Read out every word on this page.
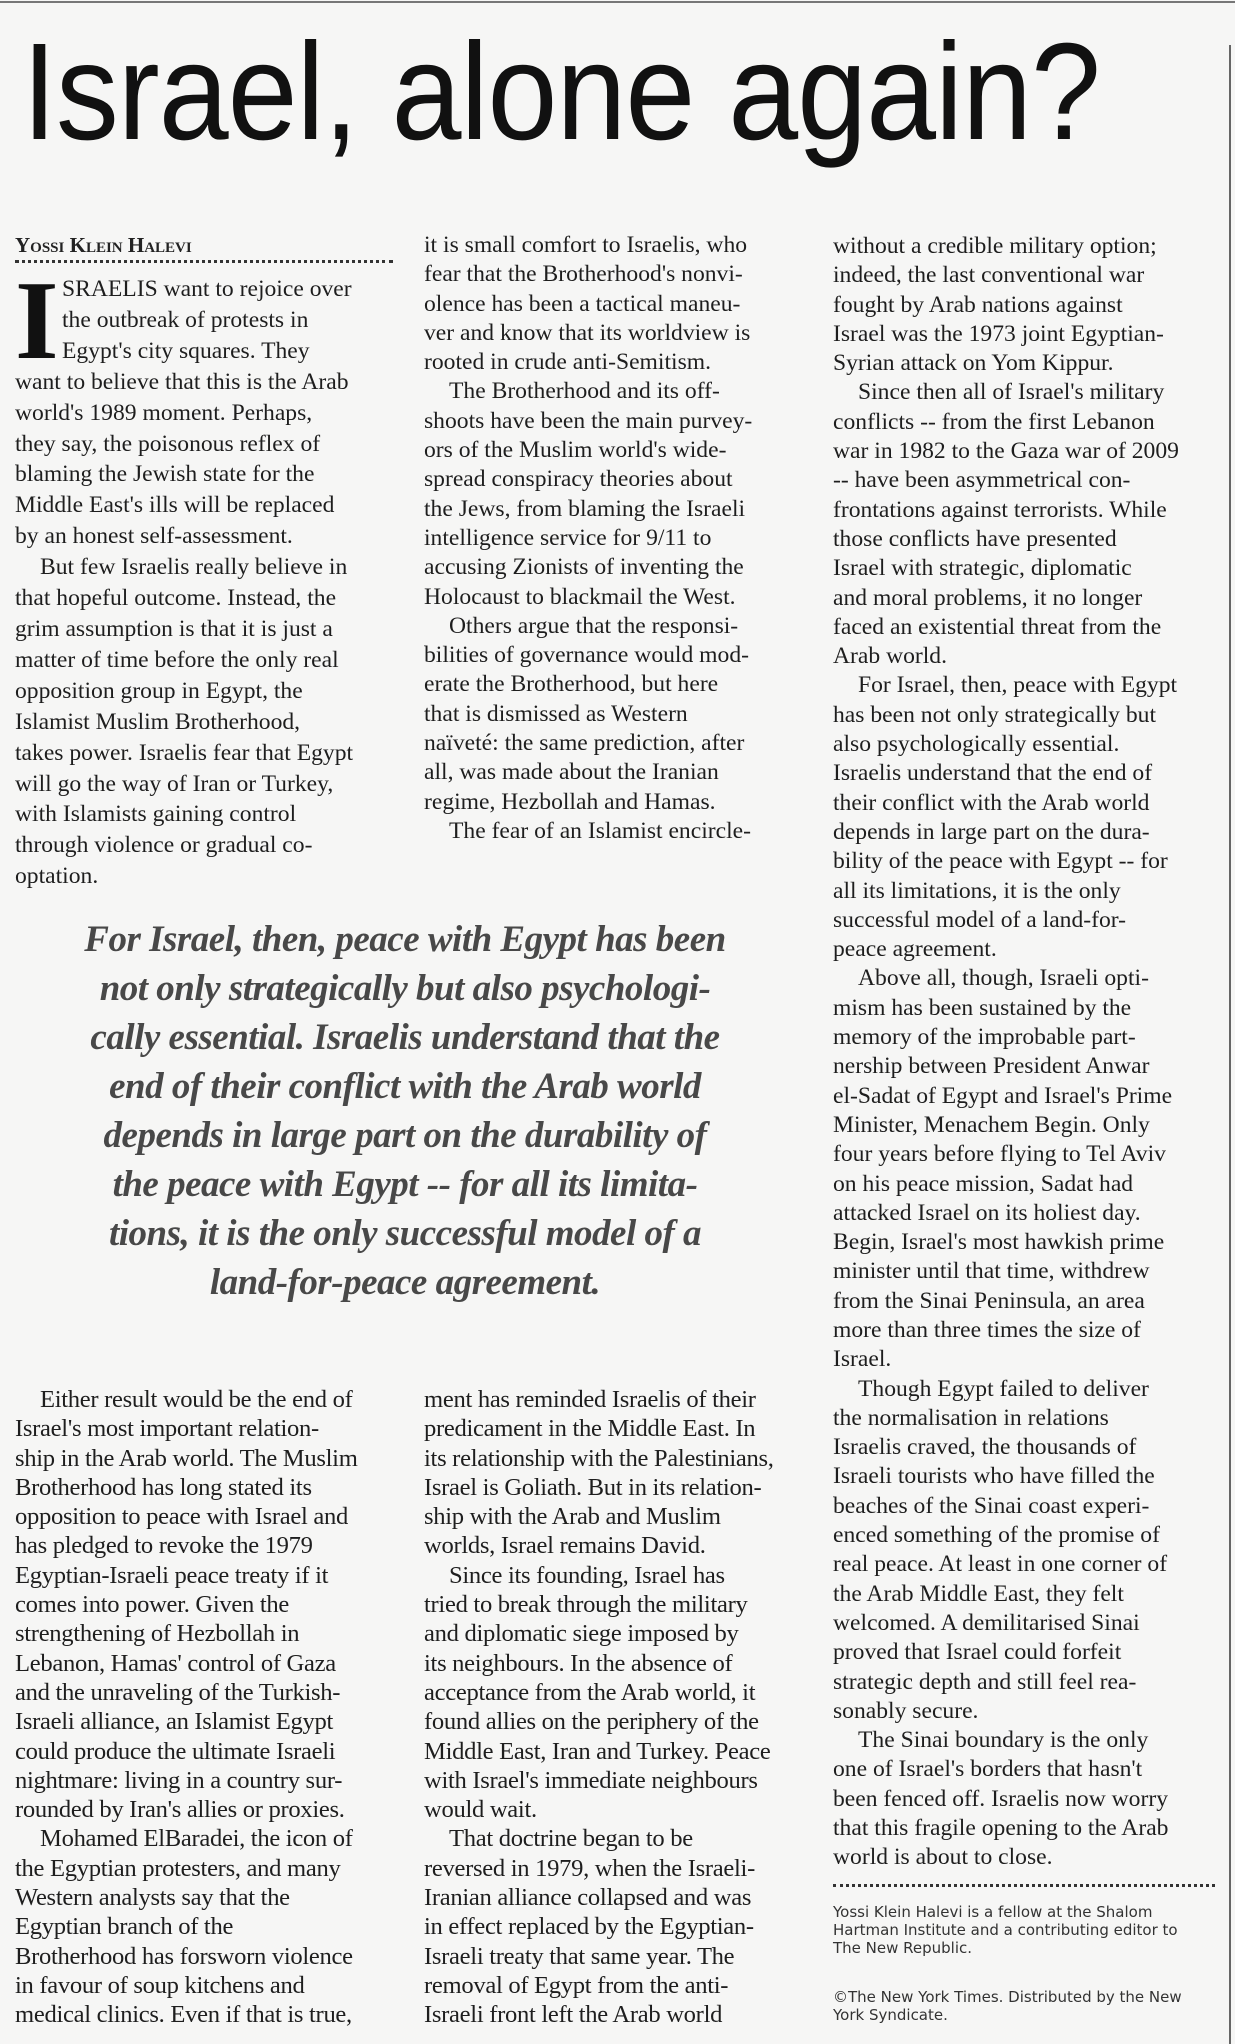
Israel, alone again?
Yossi Klein Halevi
I SRAELIS want to rejoice over
the outbreak of protests in
Egypt's city squares. They
want to believe that this is the Arab
world's 1989 moment. Perhaps,
they say, the poisonous reflex of
blaming the Jewish state for the
Middle East's ills will be replaced
by an honest self-assessment.
But few Israelis really believe in
that hopeful outcome. Instead, the
grim assumption is that it is just a
matter of time before the only real
opposition group in Egypt, the
Islamist Muslim Brotherhood,
takes power. Israelis fear that Egypt
will go the way of Iran or Turkey,
with Islamists gaining control
through violence or gradual co-
optation.
it is small comfort to Israelis, who
fear that the Brotherhood's nonvi-
olence has been a tactical maneu-
ver and know that its worldview is
rooted in crude anti-Semitism.
The Brotherhood and its off-
shoots have been the main purvey-
ors of the Muslim world's wide-
spread conspiracy theories about
the Jews, from blaming the Israeli
intelligence service for 9/11 to
accusing Zionists of inventing the
Holocaust to blackmail the West.
Others argue that the responsi-
bilities of governance would mod-
erate the Brotherhood, but here
that is dismissed as Western
naïveté: the same prediction, after
all, was made about the Iranian
regime, Hezbollah and Hamas.
The fear of an Islamist encircle-
Either result would be the end of
Israel's most important relation-
ship in the Arab world. The Muslim
Brotherhood has long stated its
opposition to peace with Israel and
has pledged to revoke the 1979
Egyptian-Israeli peace treaty if it
comes into power. Given the
strengthening of Hezbollah in
Lebanon, Hamas' control of Gaza
and the unraveling of the Turkish-
Israeli alliance, an Islamist Egypt
could produce the ultimate Israeli
nightmare: living in a country sur-
rounded by Iran's allies or proxies.
Mohamed ElBaradei, the icon of
the Egyptian protesters, and many
Western analysts say that the
Egyptian branch of the
Brotherhood has forsworn violence
in favour of soup kitchens and
medical clinics. Even if that is true,
ment has reminded Israelis of their
predicament in the Middle East. In
its relationship with the Palestinians,
Israel is Goliath. But in its relation-
ship with the Arab and Muslim
worlds, Israel remains David.
Since its founding, Israel has
tried to break through the military
and diplomatic siege imposed by
its neighbours. In the absence of
acceptance from the Arab world, it
found allies on the periphery of the
Middle East, Iran and Turkey. Peace
with Israel's immediate neighbours
would wait.
That doctrine began to be
reversed in 1979, when the Israeli-
Iranian alliance collapsed and was
in effect replaced by the Egyptian-
Israeli treaty that same year. The
removal of Egypt from the anti-
Israeli front left the Arab world
without a credible military option;
indeed, the last conventional war
fought by Arab nations against
Israel was the 1973 joint Egyptian-
Syrian attack on Yom Kippur.
Since then all of Israel's military
conflicts -- from the first Lebanon
war in 1982 to the Gaza war of 2009
-- have been asymmetrical con-
frontations against terrorists. While
those conflicts have presented
Israel with strategic, diplomatic
and moral problems, it no longer
faced an existential threat from the
Arab world.
For Israel, then, peace with Egypt
has been not only strategically but
also psychologically essential.
Israelis understand that the end of
their conflict with the Arab world
depends in large part on the dura-
bility of the peace with Egypt -- for
all its limitations, it is the only
successful model of a land-for-
peace agreement.
Above all, though, Israeli opti-
mism has been sustained by the
memory of the improbable part-
nership between President Anwar
el-Sadat of Egypt and Israel's Prime
Minister, Menachem Begin. Only
four years before flying to Tel Aviv
on his peace mission, Sadat had
attacked Israel on its holiest day.
Begin, Israel's most hawkish prime
minister until that time, withdrew
from the Sinai Peninsula, an area
more than three times the size of
Israel.
Though Egypt failed to deliver
the normalisation in relations
Israelis craved, the thousands of
Israeli tourists who have filled the
beaches of the Sinai coast experi-
enced something of the promise of
real peace. At least in one corner of
the Arab Middle East, they felt
welcomed. A demilitarised Sinai
proved that Israel could forfeit
strategic depth and still feel rea-
sonably secure.
The Sinai boundary is the only
one of Israel's borders that hasn't
been fenced off. Israelis now worry
that this fragile opening to the Arab
world is about to close.
For Israel, then, peace with Egypt has been
not only strategically but also psychologi-
cally essential. Israelis understand that the
end of their conflict with the Arab world
depends in large part on the durability of
the peace with Egypt -- for all its limita-
tions, it is the only successful model of a
land-for-peace agreement.
Yossi Klein Halevi is a fellow at the Shalom
Hartman Institute and a contributing editor to
The New Republic.
©The New York Times. Distributed by the New
York Syndicate.
